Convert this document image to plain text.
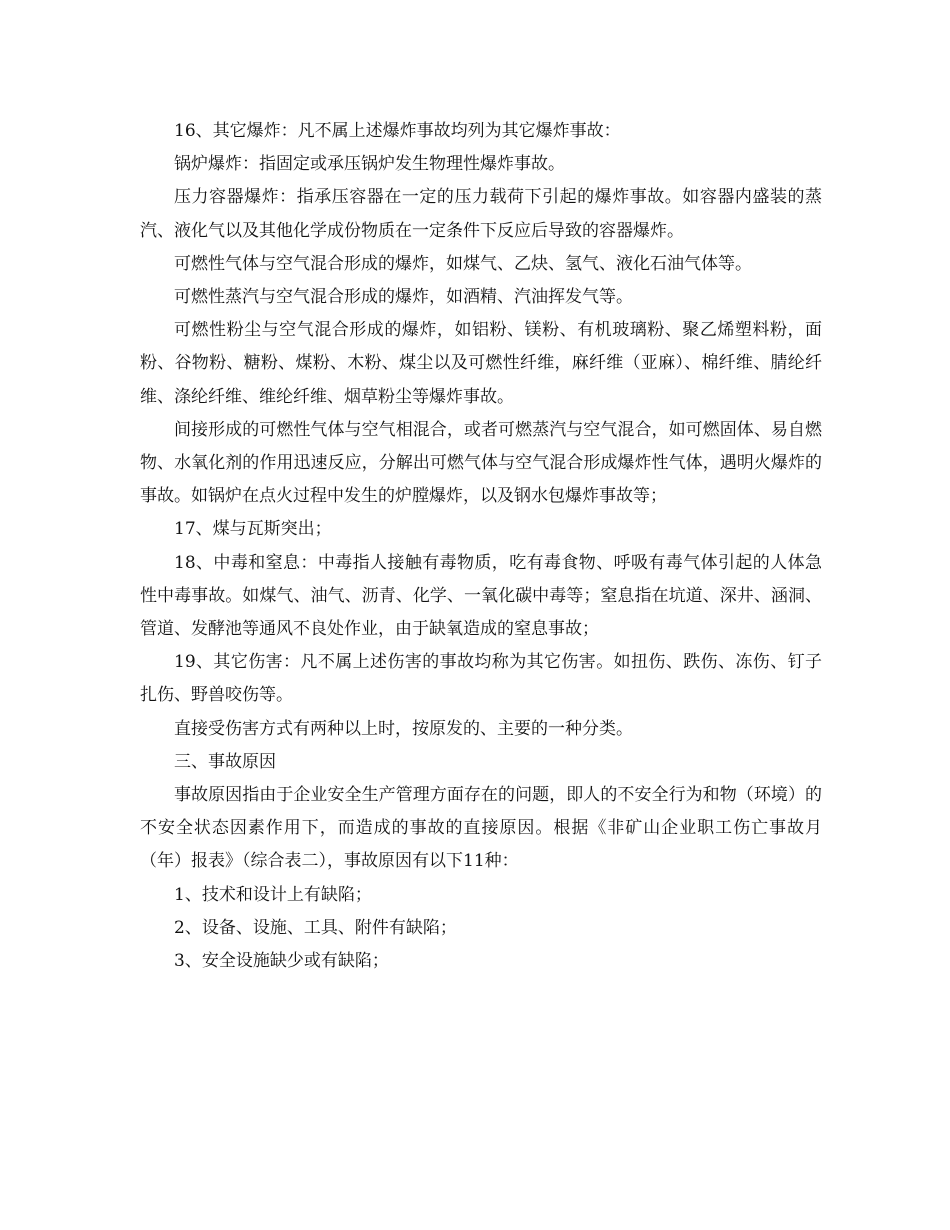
16、其它爆炸：凡不属上述爆炸事故均列为其它爆炸事故：

锅炉爆炸：指固定或承压锅炉发生物理性爆炸事故。

压力容器爆炸：指承压容器在一定的压力载荷下引起的爆炸事故。如容器内盛装的蒸汽、液化气以及其他化学成份物质在一定条件下反应后导致的容器爆炸。

可燃性气体与空气混合形成的爆炸，如煤气、乙炔、氢气、液化石油气体等。

可燃性蒸汽与空气混合形成的爆炸，如酒精、汽油挥发气等。

可燃性粉尘与空气混合形成的爆炸，如铝粉、镁粉、有机玻璃粉、聚乙烯塑料粉，面粉、谷物粉、糖粉、煤粉、木粉、煤尘以及可燃性纤维，麻纤维（亚麻）、棉纤维、腈纶纤维、涤纶纤维、维纶纤维、烟草粉尘等爆炸事故。

间接形成的可燃性气体与空气相混合，或者可燃蒸汽与空气混合，如可燃固体、易自燃物、水氧化剂的作用迅速反应，分解出可燃气体与空气混合形成爆炸性气体，遇明火爆炸的事故。如锅炉在点火过程中发生的炉膛爆炸，以及钢水包爆炸事故等；

17、煤与瓦斯突出；

18、中毒和窒息：中毒指人接触有毒物质，吃有毒食物、呼吸有毒气体引起的人体急性中毒事故。如煤气、油气、沥青、化学、一氧化碳中毒等；窒息指在坑道、深井、涵洞、管道、发酵池等通风不良处作业，由于缺氧造成的窒息事故；

19、其它伤害：凡不属上述伤害的事故均称为其它伤害。如扭伤、跌伤、冻伤、钉子扎伤、野兽咬伤等。

直接受伤害方式有两种以上时，按原发的、主要的一种分类。

三、事故原因

事故原因指由于企业安全生产管理方面存在的问题，即人的不安全行为和物（环境）的不安全状态因素作用下，而造成的事故的直接原因。根据《非矿山企业职工伤亡事故月（年）报表》（综合表二），事故原因有以下11种：

1、技术和设计上有缺陷；

2、设备、设施、工具、附件有缺陷；

3、安全设施缺少或有缺陷；
